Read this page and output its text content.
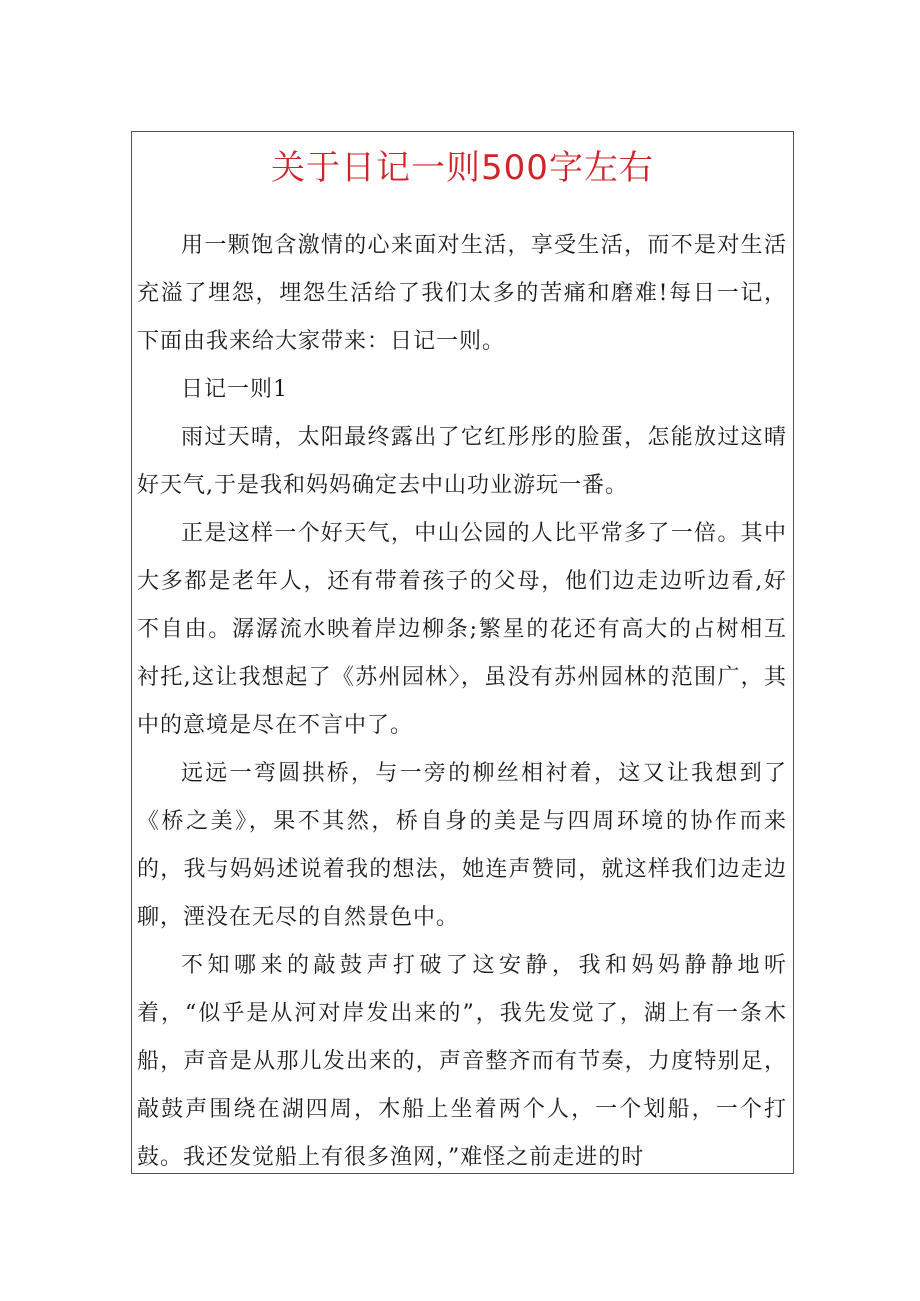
关于日记一则500字左右

用一颗饱含激情的心来面对生活，享受生活，而不是对生活充溢了埋怨，埋怨生活给了我们太多的苦痛和磨难!每日一记，下面由我来给大家带来：日记一则。

日记一则1

雨过天晴，太阳最终露出了它红彤彤的脸蛋，怎能放过这晴好天气,于是我和妈妈确定去中山功业游玩一番。

正是这样一个好天气，中山公园的人比平常多了一倍。其中大多都是老年人，还有带着孩子的父母，他们边走边听边看,好不自由。潺潺流水映着岸边柳条;繁星的花还有高大的占树相互衬托,这让我想起了《苏州园林〉，虽没有苏州园林的范围广，其中的意境是尽在不言中了。

远远一弯圆拱桥，与一旁的柳丝相衬着，这又让我想到了《桥之美》，果不其然，桥自身的美是与四周环境的协作而来的，我与妈妈述说着我的想法，她连声赞同，就这样我们边走边聊，湮没在无尽的自然景色中。

不知哪来的敲鼓声打破了这安静，我和妈妈静静地听着，“似乎是从河对岸发出来的”，我先发觉了，湖上有一条木船，声音是从那儿发出来的，声音整齐而有节奏，力度特别足，敲鼓声围绕在湖四周，木船上坐着两个人，一个划船，一个打鼓。我还发觉船上有很多渔网，”难怪之前走进的时
